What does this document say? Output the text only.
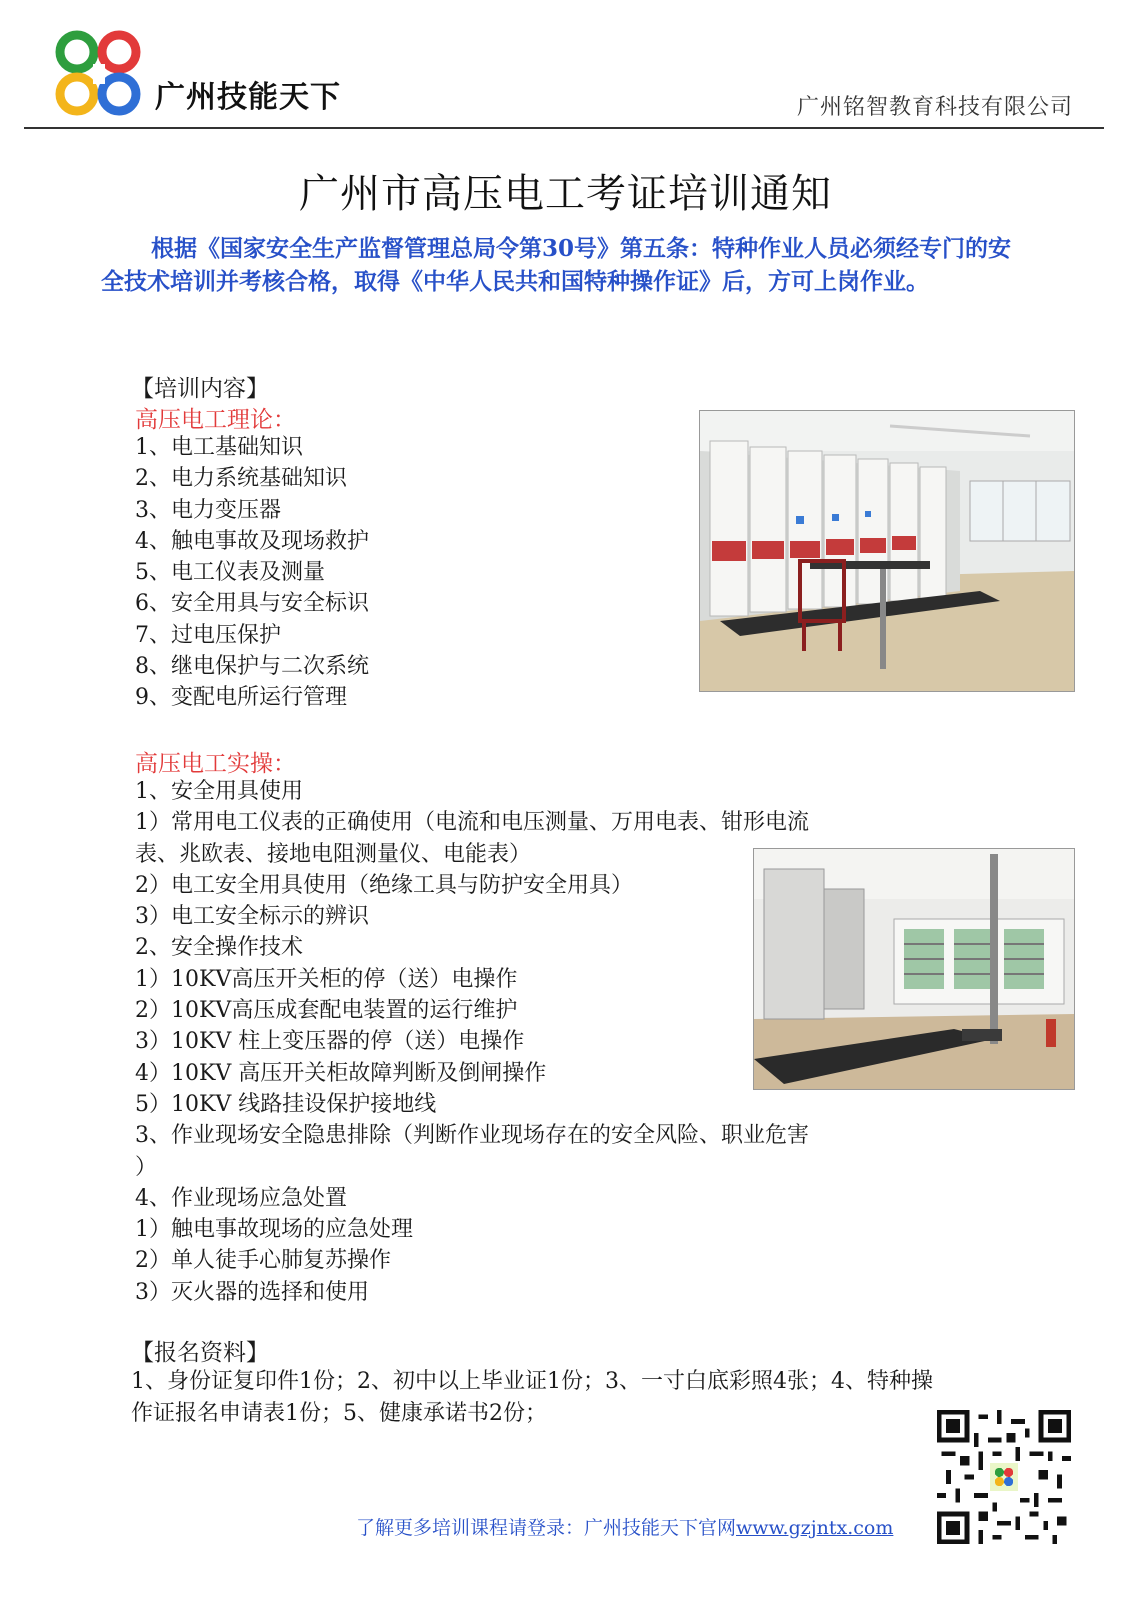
广州技能天下	广州铭智教育科技有限公司
广州市高压电工考证培训通知
根据《国家安全生产监督管理总局令第30号》第五条：特种作业人员必须经专门的安全技术培训并考核合格，取得《中华人民共和国特种操作证》后，方可上岗作业。
【培训内容】
高压电工理论：
1、电工基础知识
2、电力系统基础知识
3、电力变压器
4、触电事故及现场救护
5、电工仪表及测量
6、安全用具与安全标识
7、过电压保护
8、继电保护与二次系统
9、变配电所运行管理
高压电工实操：
1、安全用具使用
1）常用电工仪表的正确使用（电流和电压测量、万用电表、钳形电流
表、兆欧表、接地电阻测量仪、电能表）
2）电工安全用具使用（绝缘工具与防护安全用具）
3）电工安全标示的辨识
2、安全操作技术
1）10KV高压开关柜的停（送）电操作
2）10KV高压成套配电装置的运行维护
3）10KV 柱上变压器的停（送）电操作
4）10KV 高压开关柜故障判断及倒闸操作
5）10KV 线路挂设保护接地线
3、作业现场安全隐患排除（判断作业现场存在的安全风险、职业危害
）
4、作业现场应急处置
1）触电事故现场的应急处理
2）单人徒手心肺复苏操作
3）灭火器的选择和使用
【报名资料】
1、身份证复印件1份；2、初中以上毕业证1份；3、一寸白底彩照4张；4、特种操
作证报名申请表1份；5、健康承诺书2份；
了解更多培训课程请登录：广州技能天下官网www.gzjntx.com
